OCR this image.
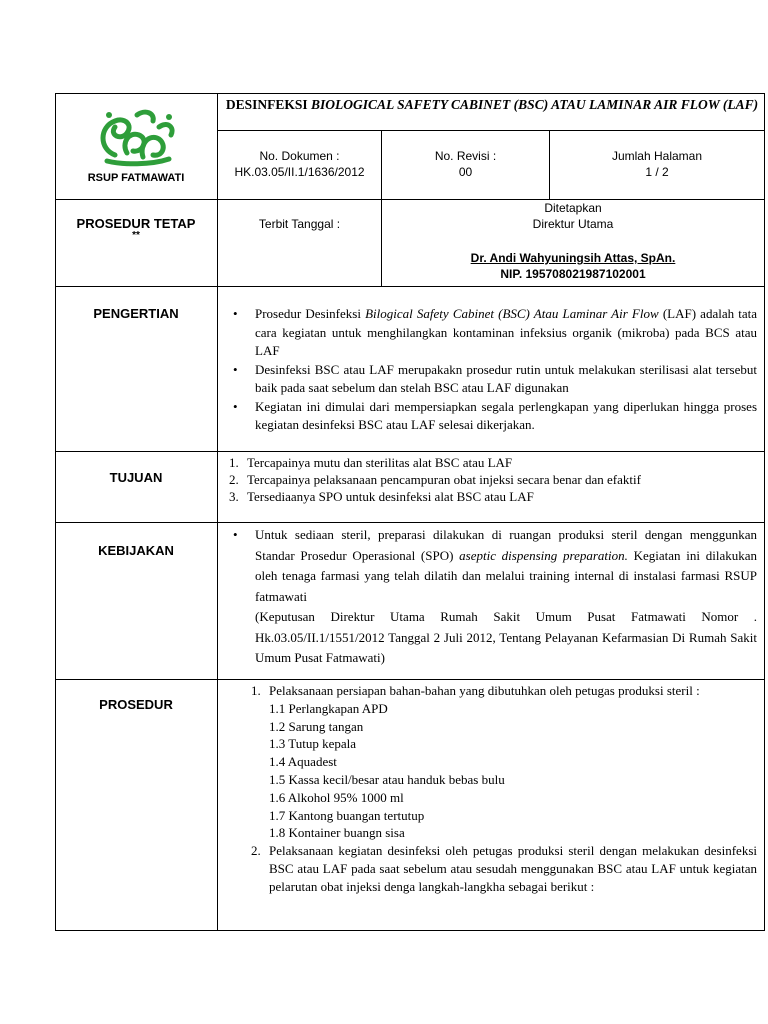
RSUP FATMAWATI
DESINFEKSI BIOLOGICAL SAFETY CABINET (BSC) ATAU LAMINAR AIR FLOW (LAF)
No. Dokumen :
HK.03.05/II.1/1636/2012
No. Revisi :
00
Jumlah Halaman
1 / 2
PROSEDUR TETAP
**
Terbit Tanggal :
Ditetapkan
Direktur Utama
Dr. Andi Wahyuningsih Attas, SpAn.
NIP. 195708021987102001
PENGERTIAN
•	Prosedur Desinfeksi Bilogical Safety Cabinet (BSC) Atau Laminar Air Flow (LAF) adalah tata cara kegiatan untuk menghilangkan kontaminan infeksius organik (mikroba) pada BCS atau LAF
• Desinfeksi BSC atau LAF merupakakn prosedur rutin untuk melakukan sterilisasi alat tersebut baik pada saat sebelum dan stelah BSC atau LAF digunakan
• Kegiatan ini dimulai dari mempersiapkan segala perlengkapan yang diperlukan hingga proses kegiatan desinfeksi BSC atau LAF selesai dikerjakan.
TUJUAN
1. Tercapainya mutu dan sterilitas alat BSC atau LAF
2. Tercapainya pelaksanaan pencampuran obat injeksi secara benar dan efaktif
3. Tersediaanya SPO untuk desinfeksi alat BSC atau LAF
KEBIJAKAN
• Untuk sediaan steril, preparasi dilakukan di ruangan produksi steril dengan menggunkan Standar Prosedur Operasional (SPO) aseptic dispensing preparation. Kegiatan ini dilakukan oleh tenaga farmasi yang telah dilatih dan melalui training internal di instalasi farmasi RSUP fatmawati
(Keputusan Direktur Utama Rumah Sakit Umum Pusat Fatmawati Nomor . Hk.03.05/II.1/1551/2012 Tanggal 2 Juli 2012, Tentang Pelayanan Kefarmasian Di Rumah Sakit Umum Pusat Fatmawati)
PROSEDUR
1. Pelaksanaan persiapan bahan-bahan yang dibutuhkan oleh petugas produksi steril :
1.1 Perlangkapan APD
1.2 Sarung tangan
1.3 Tutup kepala
1.4 Aquadest
1.5 Kassa kecil/besar atau handuk bebas bulu
1.6 Alkohol 95% 1000 ml
1.7 Kantong buangan tertutup
1.8 Kontainer buangn sisa
2. Pelaksanaan kegiatan desinfeksi oleh petugas produksi steril dengan melakukan desinfeksi BSC atau LAF pada saat sebelum atau sesudah menggunakan BSC atau LAF untuk kegiatan pelarutan obat injeksi denga langkah-langkha sebagai berikut :
